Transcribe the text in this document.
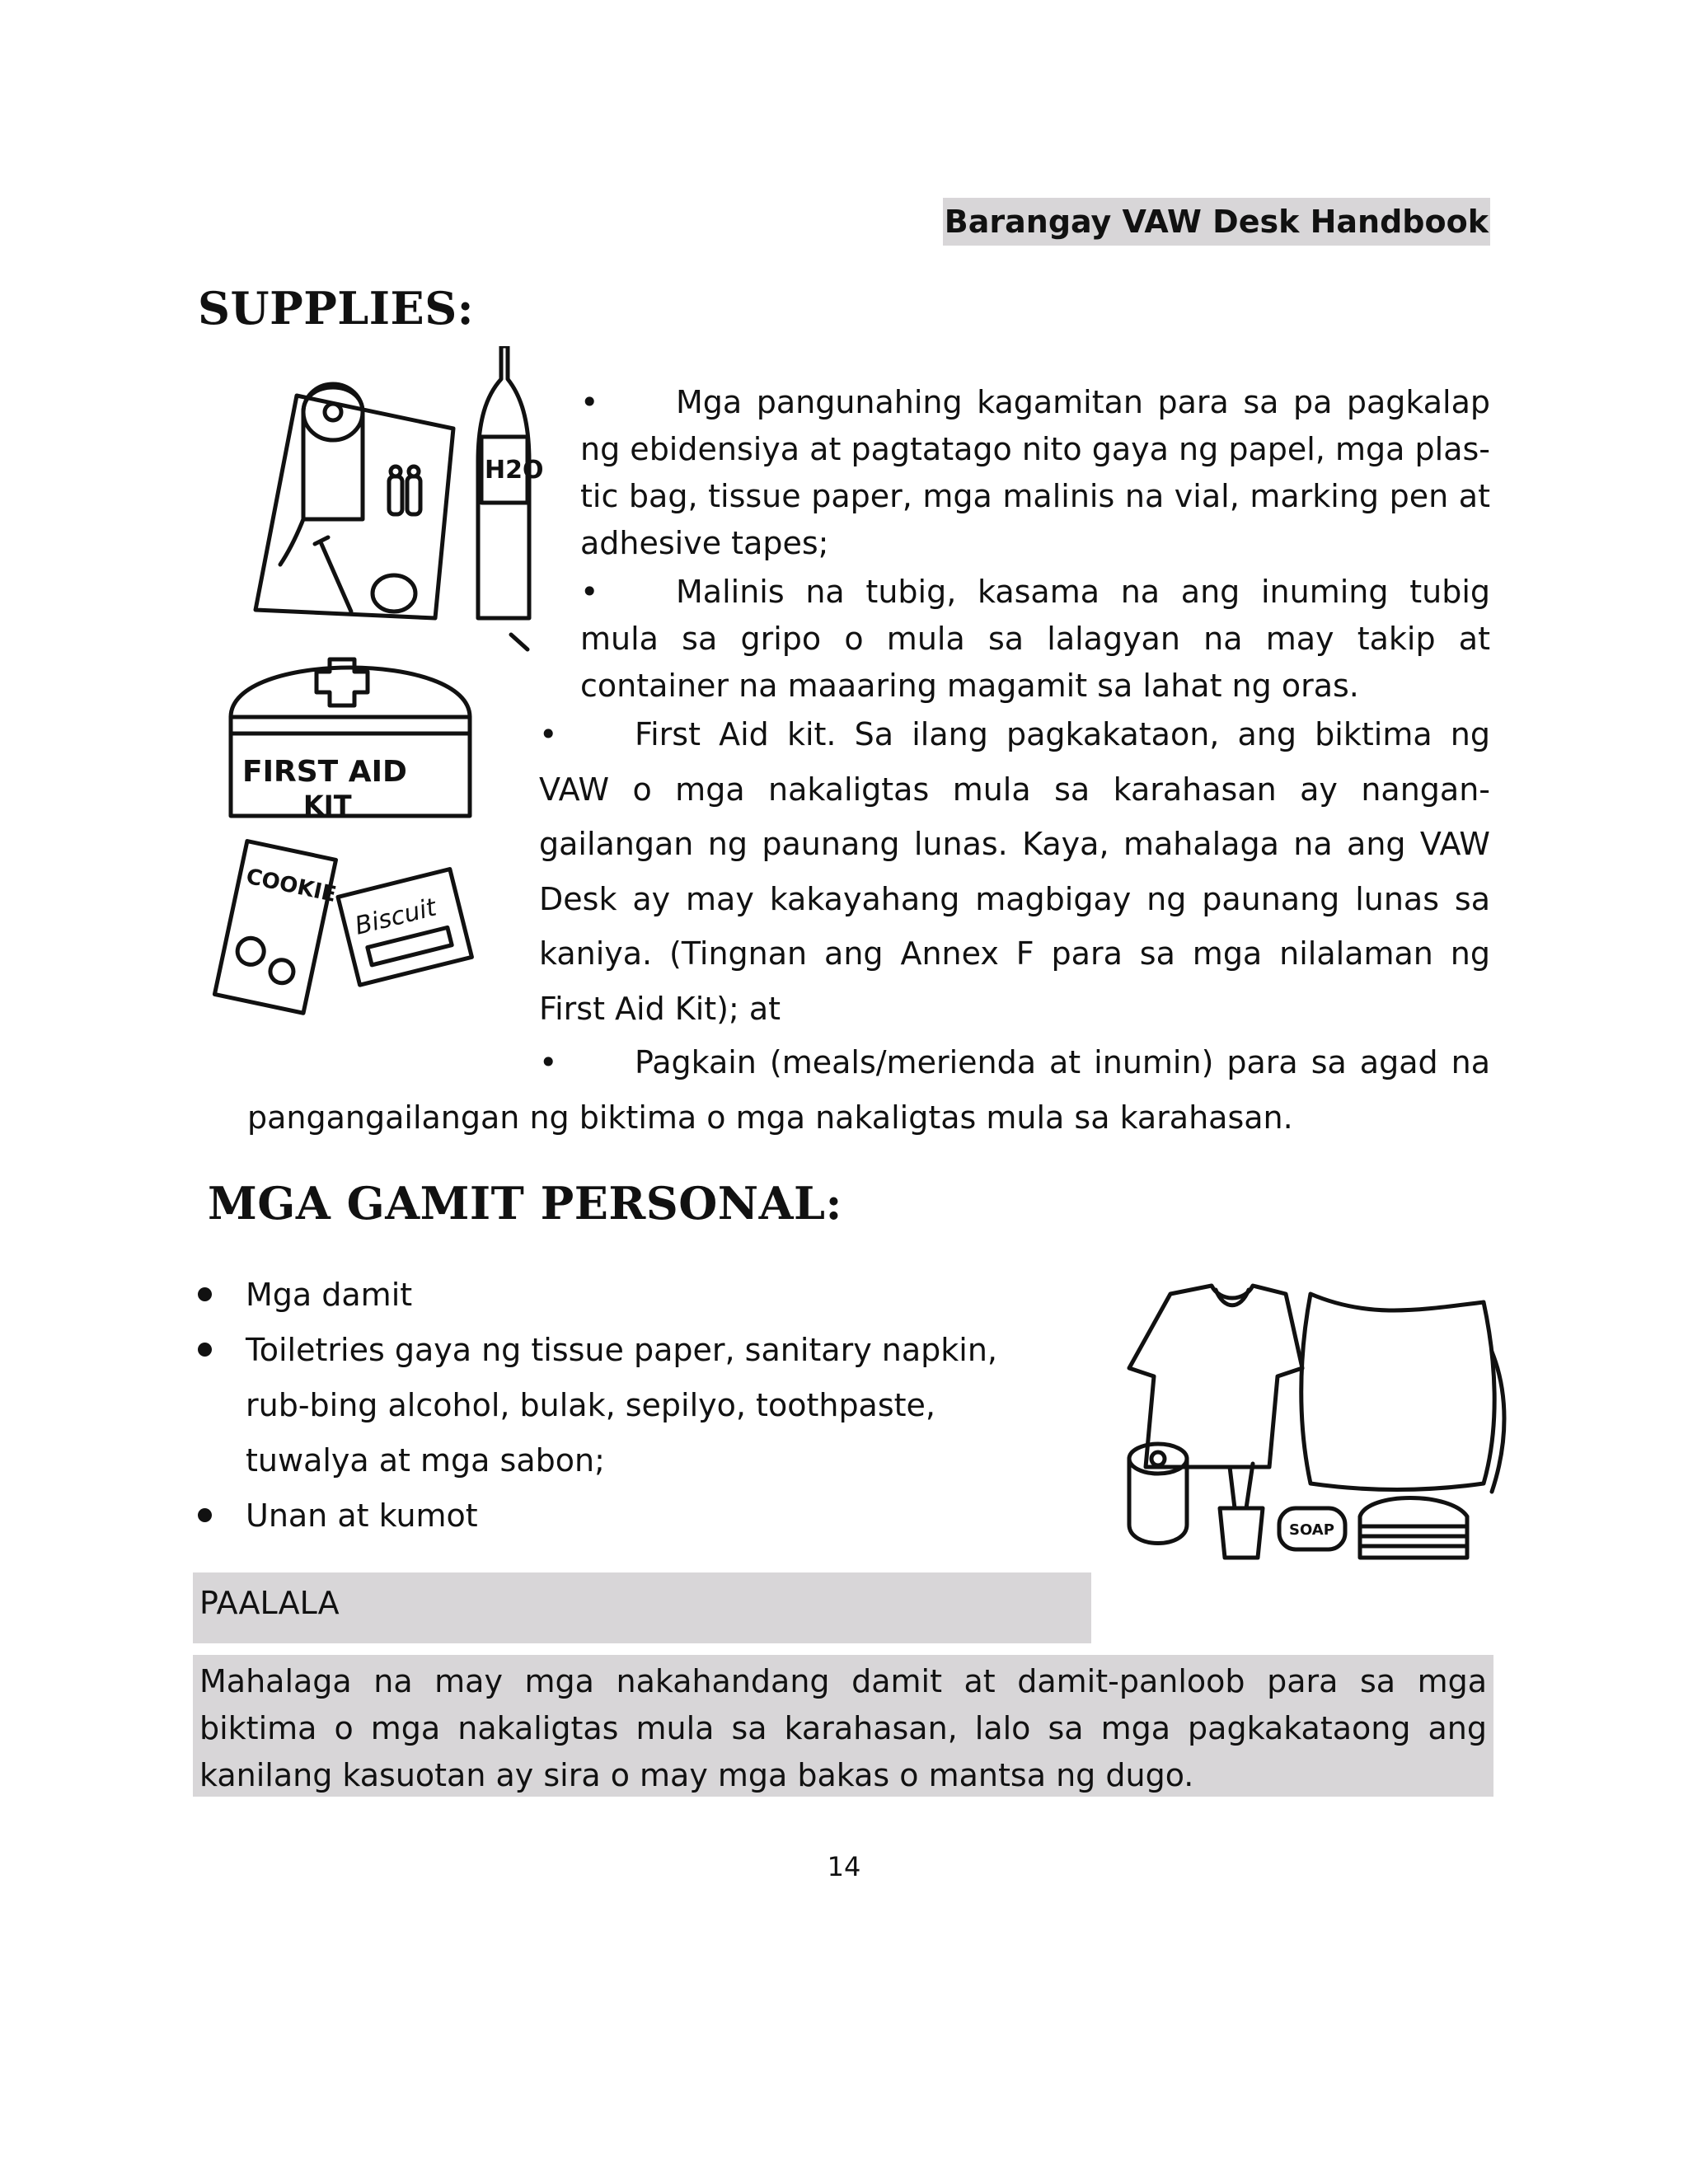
Barangay VAW Desk Handbook
SUPPLIES:
H2O
FIRST AID
KIT
COOKIE
Biscuit
• Mga pangunahing kagamitan para sa pa pagkalap ng ebidensiya at pagtatago nito gaya ng papel, mga plas-tic bag, tissue paper, mga malinis na vial, marking pen at adhesive tapes;
• Malinis na tubig, kasama na ang inuming tubig mula sa gripo o mula sa lalagyan na may takip at container na maaaring magamit sa lahat ng oras.
• First Aid kit. Sa ilang pagkakataon, ang biktima ng VAW o mga nakaligtas mula sa karahasan ay nangan-gailangan ng paunang lunas. Kaya, mahalaga na ang VAW Desk ay may kakayahang magbigay ng paunang lunas sa kaniya. (Tingnan ang Annex F para sa mga nilalaman ng First Aid Kit); at
• Pagkain (meals/merienda at inumin) para sa agad na pangangailangan ng biktima o mga nakaligtas mula sa karahasan.
MGA GAMIT PERSONAL:
Mga damit
Toiletries gaya ng tissue paper, sanitary napkin, rub-bing alcohol, bulak, sepilyo, toothpaste, tuwalya at mga sabon;
Unan at kumot	SOAP
PAALALA
Mahalaga na may mga nakahandang damit at damit-panloob para sa mga biktima o mga nakaligtas mula sa karahasan, lalo sa mga pagkakataong ang kanilang kasuotan ay sira o may mga bakas o mantsa ng dugo.
14
